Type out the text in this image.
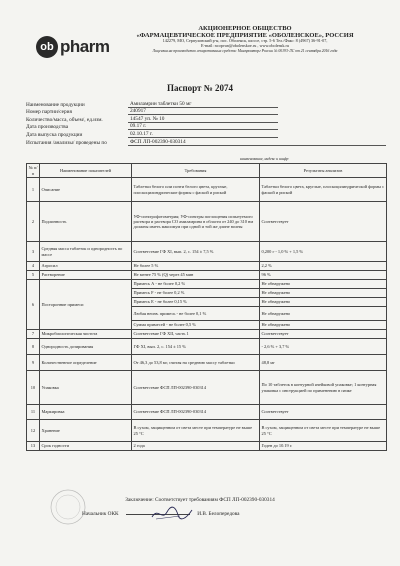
ob pharm
АКЦИОНЕРНОЕ ОБЩЕСТВО
«ФАРМАЦЕВТИЧЕСКОЕ ПРЕДПРИЯТИЕ «ОБОЛЕНСКОЕ», РОССИЯ
142279, МО, Серпуховский р-н, пос. Оболенск, шоссе, стр. 5-6 Тел./Факс: 8 (4967) 36-91-07,
E-mail: ncopvan@obolenskoe.ru , www.obolensk.ru
Лицензия на производство лекарственных средств: Минпромторг России № 00193-ЛС от 21 сентября 2016 года
Паспорт № 2074
Наименование продукции	Амиламрин таблетки 50 мг
Номер партии/серия	240917
Количество/масса, объем/, ед.изм.	14547 уп. № 10
Дата производства	09.17 г.
Дата выпуска продукции	02.10.17 г.
Испытания /анализы/ проведены по	ФСП ЛП-002390-030314
наименование, индекс и шифр
№ п/п	Наименование показателей	Требования	Результаты анализов
1	Описание	Таблетки белого или почти белого цвета, круглые, плоскоцилиндрические формы с фаской и риской	Таблетки белого цвета, круглые, плоскоцилиндрической формы с фаской и риской
2	Подлинность	УФ-спектрофотометрия; УФ-спектры поглощения испытуемого раствора и раствора СО амиламрина в области от 240 до 310 нм должны иметь максимум при одной и той же длине волны	Соответствует
3	Средняя масса таблеток и однородность по массе	Соответствие ГФ XI, вып. 2, с. 154 ± 7,5 %	0,200 г - 1,0 % + 1,5 %
4	Аэросил	Не более 5 %	2,2 %
5	Растворение	Не менее 75 % (Q) через 45 мин	96 %
6	Посторонние примеси	Примесь А - не более 0,2 %	Не обнаружено
		Примесь F - не более 0,2 %	Не обнаружено
		Примесь Е - не более 0,15 %	Не обнаружено
		Любая неизв. примесь - не более 0,1 %	Не обнаружено
		Сумма примесей - не более 0,5 %	Не обнаружено
7	Микробиологическая чистота	Соответствие ГФ XII, часть 1	Соответствует
8	Однородность дозирования	ГФ XI, вып. 2, с. 154 ± 15 %	- 2,6 % + 3,7 %
9	Количественное определение	От 46,3 до 53,8 мг, считая на среднюю массу таблетки	48,8 мг
10	Упаковка	Соответствие ФСП ЛП-002390-030314	По 10 таблеток в контурной ячейковой упаковке; 1 контурная упаковка с инструкцией по применению в пачке
11	Маркировка	Соответствие ФСП ЛП-002390-030314	Соответствует
12	Хранение	В сухом, защищенном от света месте при температуре не выше 25 °С	В сухом, защищенном от света месте при температуре не выше 25 °С
13	Срок годности	2 года	Годен до 10.19 г.
Заключение: Соответствует требованиям ФСП ЛП-002390-030314
Начальник ОКК	И.В. Белопередова
